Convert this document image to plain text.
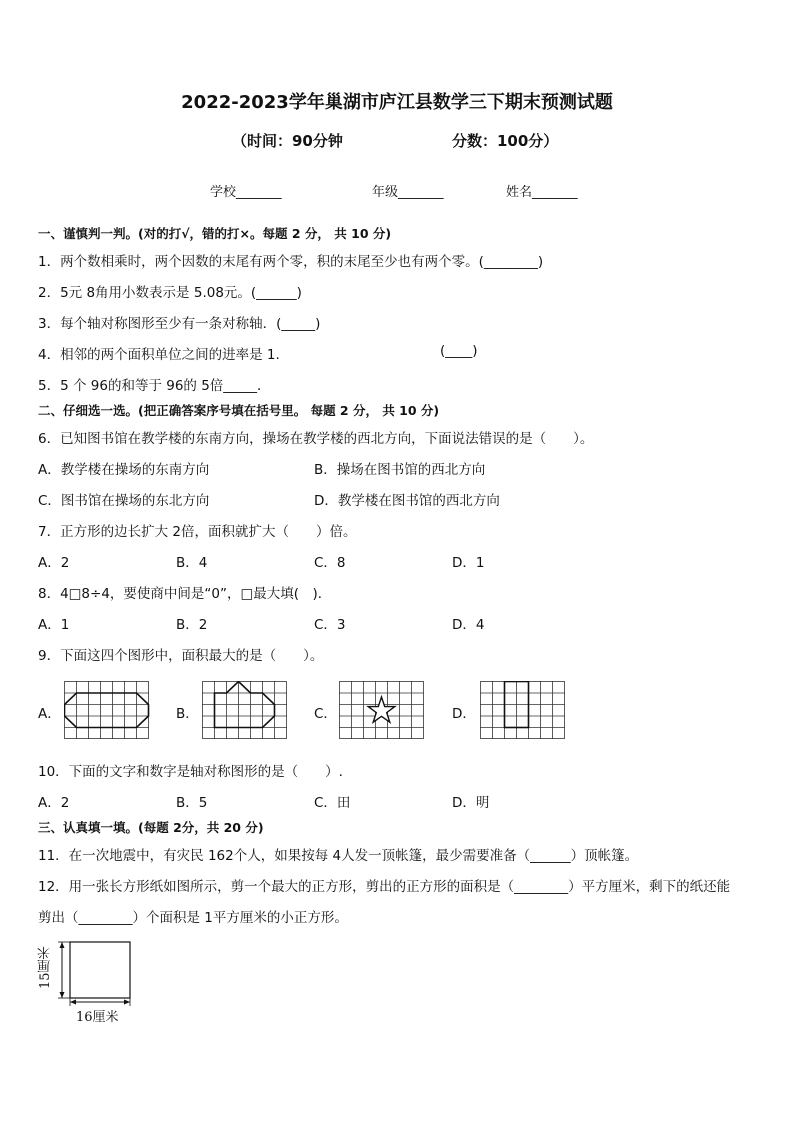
2022-2023学年巢湖市庐江县数学三下期末预测试题
（时间：90分钟	分数：100分）
学校_______	年级_______	姓名_______
一、谨慎判一判。(对的打√，错的打×。每题 2 分， 共 10 分)
1．两个数相乘时，两个因数的末尾有两个零，积的末尾至少也有两个零。(________)
2．5元 8角用小数表示是 5.08元。(______)
3．每个轴对称图形至少有一条对称轴．(_____)
4．相邻的两个面积单位之间的进率是 1.	(____)
5．5 个 96的和等于 96的 5倍_____．
二、仔细选一选。(把正确答案序号填在括号里。 每题 2 分， 共 10 分)
6．已知图书馆在教学楼的东南方向，操场在教学楼的西北方向，下面说法错误的是（　　）。
A．教学楼在操场的东南方向	B．操场在图书馆的西北方向
C．图书馆在操场的东北方向	D．教学楼在图书馆的西北方向
7．正方形的边长扩大 2倍，面积就扩大（　　）倍。
A．2	B．4	C．8	D．1
8．4□8÷4，要使商中间是“0”，□最大填(　)．
A．1	B．2	C．3	D．4
9．下面这四个图形中，面积最大的是（　　）。
A．	B．	C．	D．
10．下面的文字和数字是轴对称图形的是（　　）.
A．2	B．5	C．田	D．明
三、认真填一填。(每题 2分，共 20 分)
11．在一次地震中，有灾民 162个人，如果按每 4人发一顶帐篷，最少需要准备（______）顶帐篷。
12．用一张长方形纸如图所示，剪一个最大的正方形，剪出的正方形的面积是（________）平方厘米，剩下的纸还能
剪出（________）个面积是 1平方厘米的小正方形。
15厘米
16厘米
